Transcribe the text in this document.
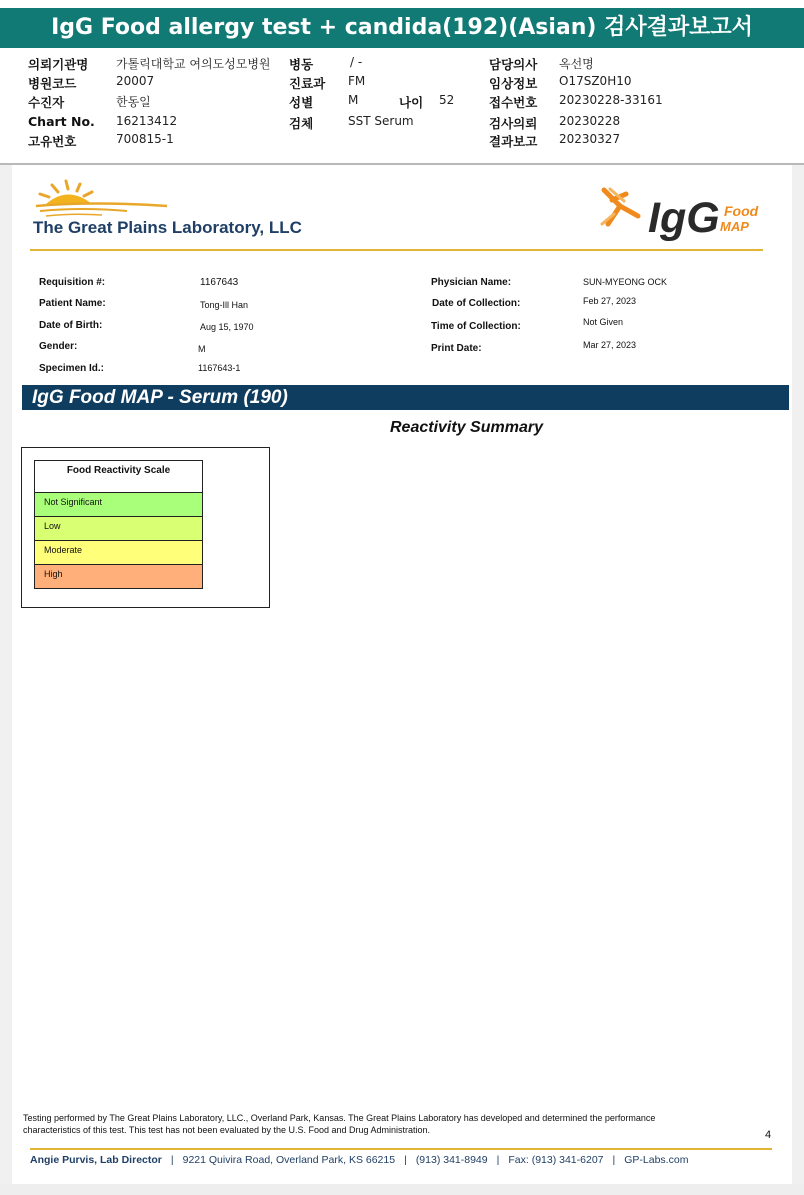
IgG Food allergy test + candida(192)(Asian) 검사결과보고서
의뢰기관명 가톨릭대학교 여의도성모병원 병동	/ -	담당의사 옥선명
병원코드	20007	진료과 FM	임상정보 O17SZ0H10
수진자	한동일	성별	M	나이 52	접수번호 20230228-33161
Chart No. 16213412	검체	SST Serum	검사의뢰 20230228
고유번호	700815-1	결과보고 20230327
The Great Plains Laboratory, LLC	IgG Food
MAP
Requisition #:	1167643
Patient Name:	Tong-Ill Han
Date of Birth:	Aug 15, 1970
Gender:	M
Specimen Id.:	1167643-1
Physician Name:	SUN-MYEONG OCK
Date of Collection:	Feb 27, 2023
Time of Collection:	Not Given
Print Date:	Mar 27, 2023
IgG Food MAP - Serum (190)
Reactivity Summary
Food Reactivity Scale
Not Significant
Low
Moderate
High
Testing performed by The Great Plains Laboratory, LLC., Overland Park, Kansas. The Great Plains Laboratory has developed and determined the performance
characteristics of this test. This test has not been evaluated by the U.S. Food and Drug Administration.	4
Angie Purvis, Lab Director | 9221 Quivira Road, Overland Park, KS 66215 | (913) 341-8949 | Fax: (913) 341-6207 | GP-Labs.com
